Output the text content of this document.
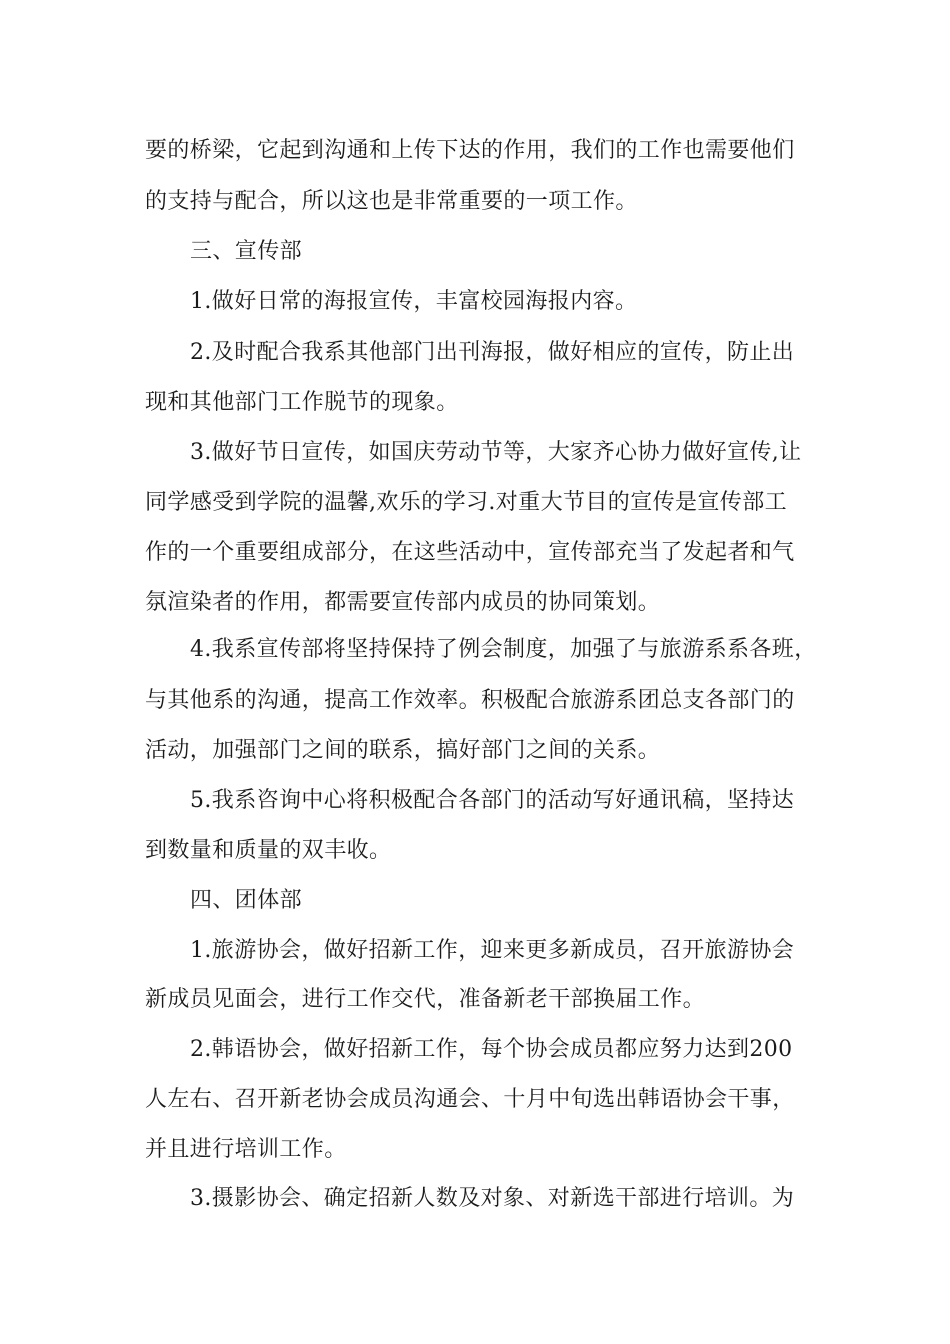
要的桥梁，它起到沟通和上传下达的作用，我们的工作也需要他们
的支持与配合，所以这也是非常重要的一项工作。
三、宣传部
1.做好日常的海报宣传，丰富校园海报内容。
2.及时配合我系其他部门出刊海报，做好相应的宣传，防止出
现和其他部门工作脱节的现象。
3.做好节日宣传，如国庆劳动节等，大家齐心协力做好宣传,让
同学感受到学院的温馨,欢乐的学习.对重大节目的宣传是宣传部工
作的一个重要组成部分，在这些活动中，宣传部充当了发起者和气
氛渲染者的作用，都需要宣传部内成员的协同策划。
4.我系宣传部将坚持保持了例会制度，加强了与旅游系系各班，
与其他系的沟通，提高工作效率。积极配合旅游系团总支各部门的
活动，加强部门之间的联系，搞好部门之间的关系。
5.我系咨询中心将积极配合各部门的活动写好通讯稿，坚持达
到数量和质量的双丰收。
四、团体部
1.旅游协会，做好招新工作，迎来更多新成员，召开旅游协会
新成员见面会，进行工作交代，准备新老干部换届工作。
2.韩语协会，做好招新工作，每个协会成员都应努力达到200
人左右、召开新老协会成员沟通会、十月中旬选出韩语协会干事，
并且进行培训工作。
3.摄影协会、确定招新人数及对象、对新选干部进行培训。为
